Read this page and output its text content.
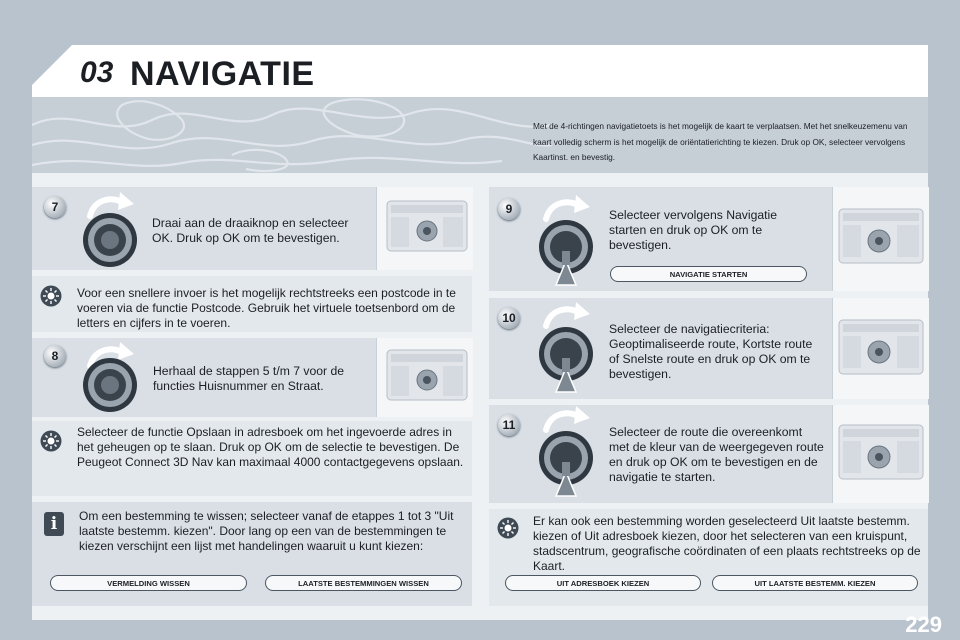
03 NAVIGATIE
Met de 4-richtingen navigatietoets is het mogelijk de kaart te verplaatsen. Met het snelkeuzemenu van kaart volledig scherm is het mogelijk de oriëntatierichting te kiezen. Druk op OK, selecteer vervolgens Kaartinst. en bevestig.
7
Draai aan de draaiknop en selecteer OK. Druk op OK om te bevestigen.
Voor een snellere invoer is het mogelijk rechtstreeks een postcode in te voeren via de functie Postcode. Gebruik het virtuele toetsenbord om de letters en cijfers in te voeren.
8
Herhaal de stappen 5 t/m 7 voor de functies Huisnummer en Straat.
Selecteer de functie Opslaan in adresboek om het ingevoerde adres in het geheugen op te slaan. Druk op OK om de selectie te bevestigen. De Peugeot Connect 3D Nav kan maximaal 4000 contactgegevens opslaan.
i	Om een bestemming te wissen; selecteer vanaf de etappes 1 tot 3 "Uit laatste bestemm. kiezen". Door lang op een van de bestemmingen te kiezen verschijnt een lijst met handelingen waaruit u kunt kiezen:
VERMELDING WISSEN	LAATSTE BESTEMMINGEN WISSEN
9	Selecteer vervolgens Navigatie starten en druk op OK om te bevestigen.
NAVIGATIE STARTEN
10
Selecteer de navigatiecriteria: Geoptimaliseerde route, Kortste route of Snelste route en druk op OK om te bevestigen.
11	Selecteer de route die overeenkomt met de kleur van de weergegeven route en druk op OK om te bevestigen en de navigatie te starten.
Er kan ook een bestemming worden geselecteerd Uit laatste bestemm. kiezen of Uit adresboek kiezen, door het selecteren van een kruispunt, stadscentrum, geografische coördinaten of een plaats rechtstreeks op de Kaart.
UIT ADRESBOEK KIEZEN	UIT LAATSTE BESTEMM. KIEZEN
229
